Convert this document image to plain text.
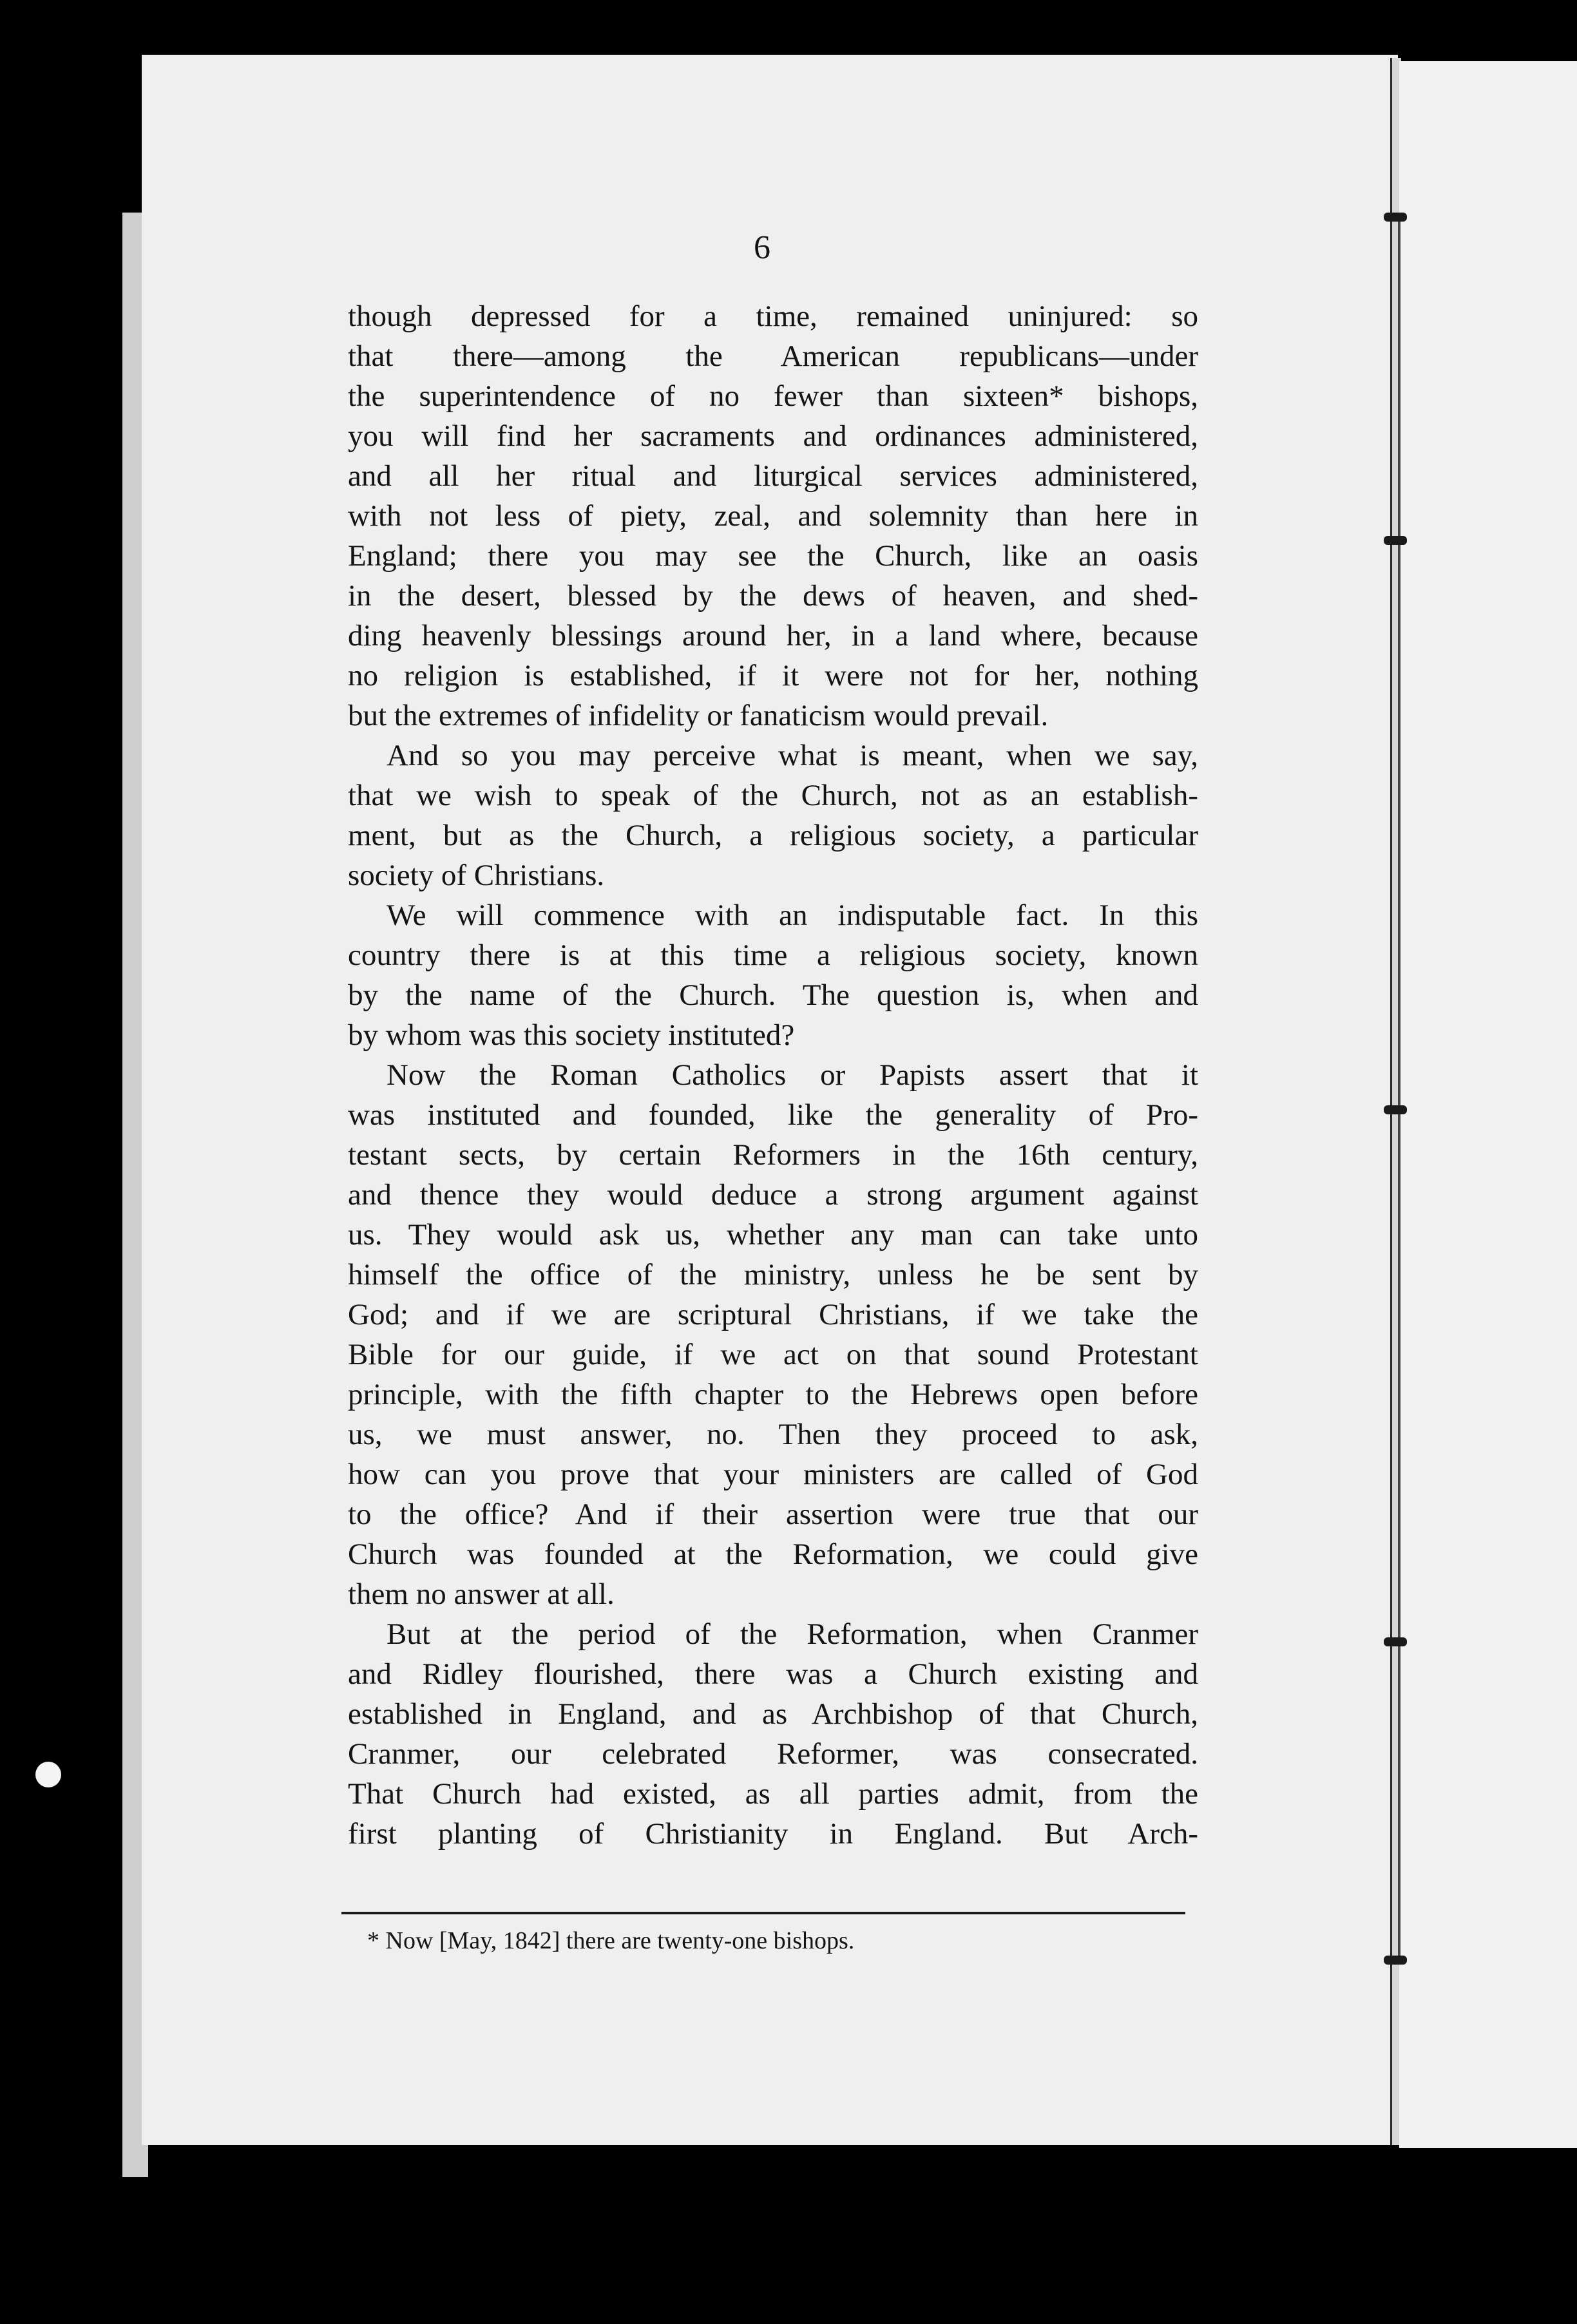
6
though depressed for a time, remained uninjured: so
that there—among the American republicans—under
the superintendence of no fewer than sixteen* bishops,
you will find her sacraments and ordinances administered,
and all her ritual and liturgical services administered,
with not less of piety, zeal, and solemnity than here in
England; there you may see the Church, like an oasis
in the desert, blessed by the dews of heaven, and shed-
ding heavenly blessings around her, in a land where, because
no religion is established, if it were not for her, nothing
but the extremes of infidelity or fanaticism would prevail.
And so you may perceive what is meant, when we say,
that we wish to speak of the Church, not as an establish-
ment, but as the Church, a religious society, a particular
society of Christians.
We will commence with an indisputable fact. In this
country there is at this time a religious society, known
by the name of the Church. The question is, when and
by whom was this society instituted?
Now the Roman Catholics or Papists assert that it
was instituted and founded, like the generality of Pro-
testant sects, by certain Reformers in the 16th century,
and thence they would deduce a strong argument against
us. They would ask us, whether any man can take unto
himself the office of the ministry, unless he be sent by
God; and if we are scriptural Christians, if we take the
Bible for our guide, if we act on that sound Protestant
principle, with the fifth chapter to the Hebrews open before
us, we must answer, no. Then they proceed to ask,
how can you prove that your ministers are called of God
to the office? And if their assertion were true that our
Church was founded at the Reformation, we could give
them no answer at all.
But at the period of the Reformation, when Cranmer
and Ridley flourished, there was a Church existing and
established in England, and as Archbishop of that Church,
Cranmer, our celebrated Reformer, was consecrated.
That Church had existed, as all parties admit, from the
first planting of Christianity in England. But Arch-
* Now [May, 1842] there are twenty-one bishops.
